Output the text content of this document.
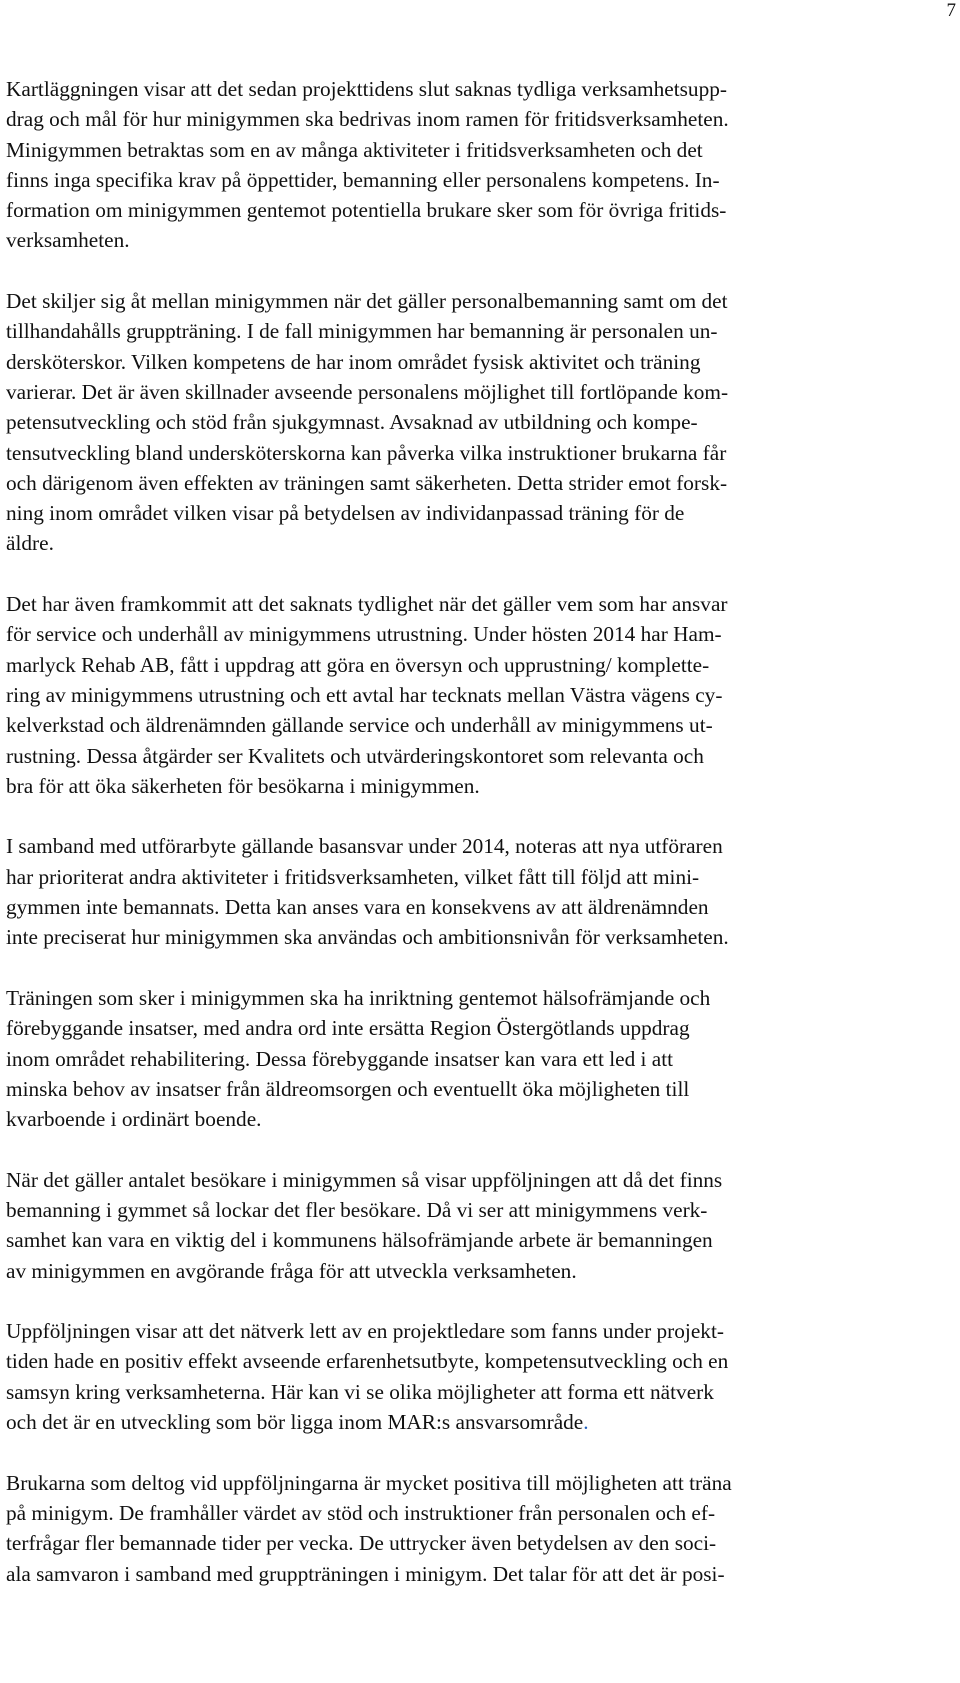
7

Kartläggningen visar att det sedan projekttidens slut saknas tydliga verksamhetsupp-
drag och mål för hur minigymmen ska bedrivas inom ramen för fritidsverksamheten.
Minigymmen betraktas som en av många aktiviteter i fritidsverksamheten och det
finns inga specifika krav på öppettider, bemanning eller personalens kompetens. In-
formation om minigymmen gentemot potentiella brukare sker som för övriga fritids-
verksamheten.

Det skiljer sig åt mellan minigymmen när det gäller personalbemanning samt om det
tillhandahålls gruppträning. I de fall minigymmen har bemanning är personalen un-
dersköterskor. Vilken kompetens de har inom området fysisk aktivitet och träning
varierar. Det är även skillnader avseende personalens möjlighet till fortlöpande kom-
petensutveckling och stöd från sjukgymnast. Avsaknad av utbildning och kompe-
tensutveckling bland undersköterskorna kan påverka vilka instruktioner brukarna får
och därigenom även effekten av träningen samt säkerheten. Detta strider emot forsk-
ning inom området vilken visar på betydelsen av individanpassad träning för de
äldre.

Det har även framkommit att det saknats tydlighet när det gäller vem som har ansvar
för service och underhåll av minigymmens utrustning. Under hösten 2014 har Ham-
marlyck Rehab AB, fått i uppdrag att göra en översyn och upprustning/ komplette-
ring av minigymmens utrustning och ett avtal har tecknats mellan Västra vägens cy-
kelverkstad och äldrenämnden gällande service och underhåll av minigymmens ut-
rustning. Dessa åtgärder ser Kvalitets och utvärderingskontoret som relevanta och
bra för att öka säkerheten för besökarna i minigymmen.

I samband med utförarbyte gällande basansvar under 2014, noteras att nya utföraren
har prioriterat andra aktiviteter i fritidsverksamheten, vilket fått till följd att mini-
gymmen inte bemannats. Detta kan anses vara en konsekvens av att äldrenämnden
inte preciserat hur minigymmen ska användas och ambitionsnivån för verksamheten.

Träningen som sker i minigymmen ska ha inriktning gentemot hälsofrämjande och
förebyggande insatser, med andra ord inte ersätta Region Östergötlands uppdrag
inom området rehabilitering. Dessa förebyggande insatser kan vara ett led i att
minska behov av insatser från äldreomsorgen och eventuellt öka möjligheten till
kvarboende i ordinärt boende.

När det gäller antalet besökare i minigymmen så visar uppföljningen att då det finns
bemanning i gymmet så lockar det fler besökare. Då vi ser att minigymmens verk-
samhet kan vara en viktig del i kommunens hälsofrämjande arbete är bemanningen
av minigymmen en avgörande fråga för att utveckla verksamheten.

Uppföljningen visar att det nätverk lett av en projektledare som fanns under projekt-
tiden hade en positiv effekt avseende erfarenhetsutbyte, kompetensutveckling och en
samsyn kring verksamheterna. Här kan vi se olika möjligheter att forma ett nätverk
och det är en utveckling som bör ligga inom MAR:s ansvarsområde.

Brukarna som deltog vid uppföljningarna är mycket positiva till möjligheten att träna
på minigym. De framhåller värdet av stöd och instruktioner från personalen och ef-
terfrågar fler bemannade tider per vecka. De uttrycker även betydelsen av den soci-
ala samvaron i samband med gruppträningen i minigym. Det talar för att det är posi-
